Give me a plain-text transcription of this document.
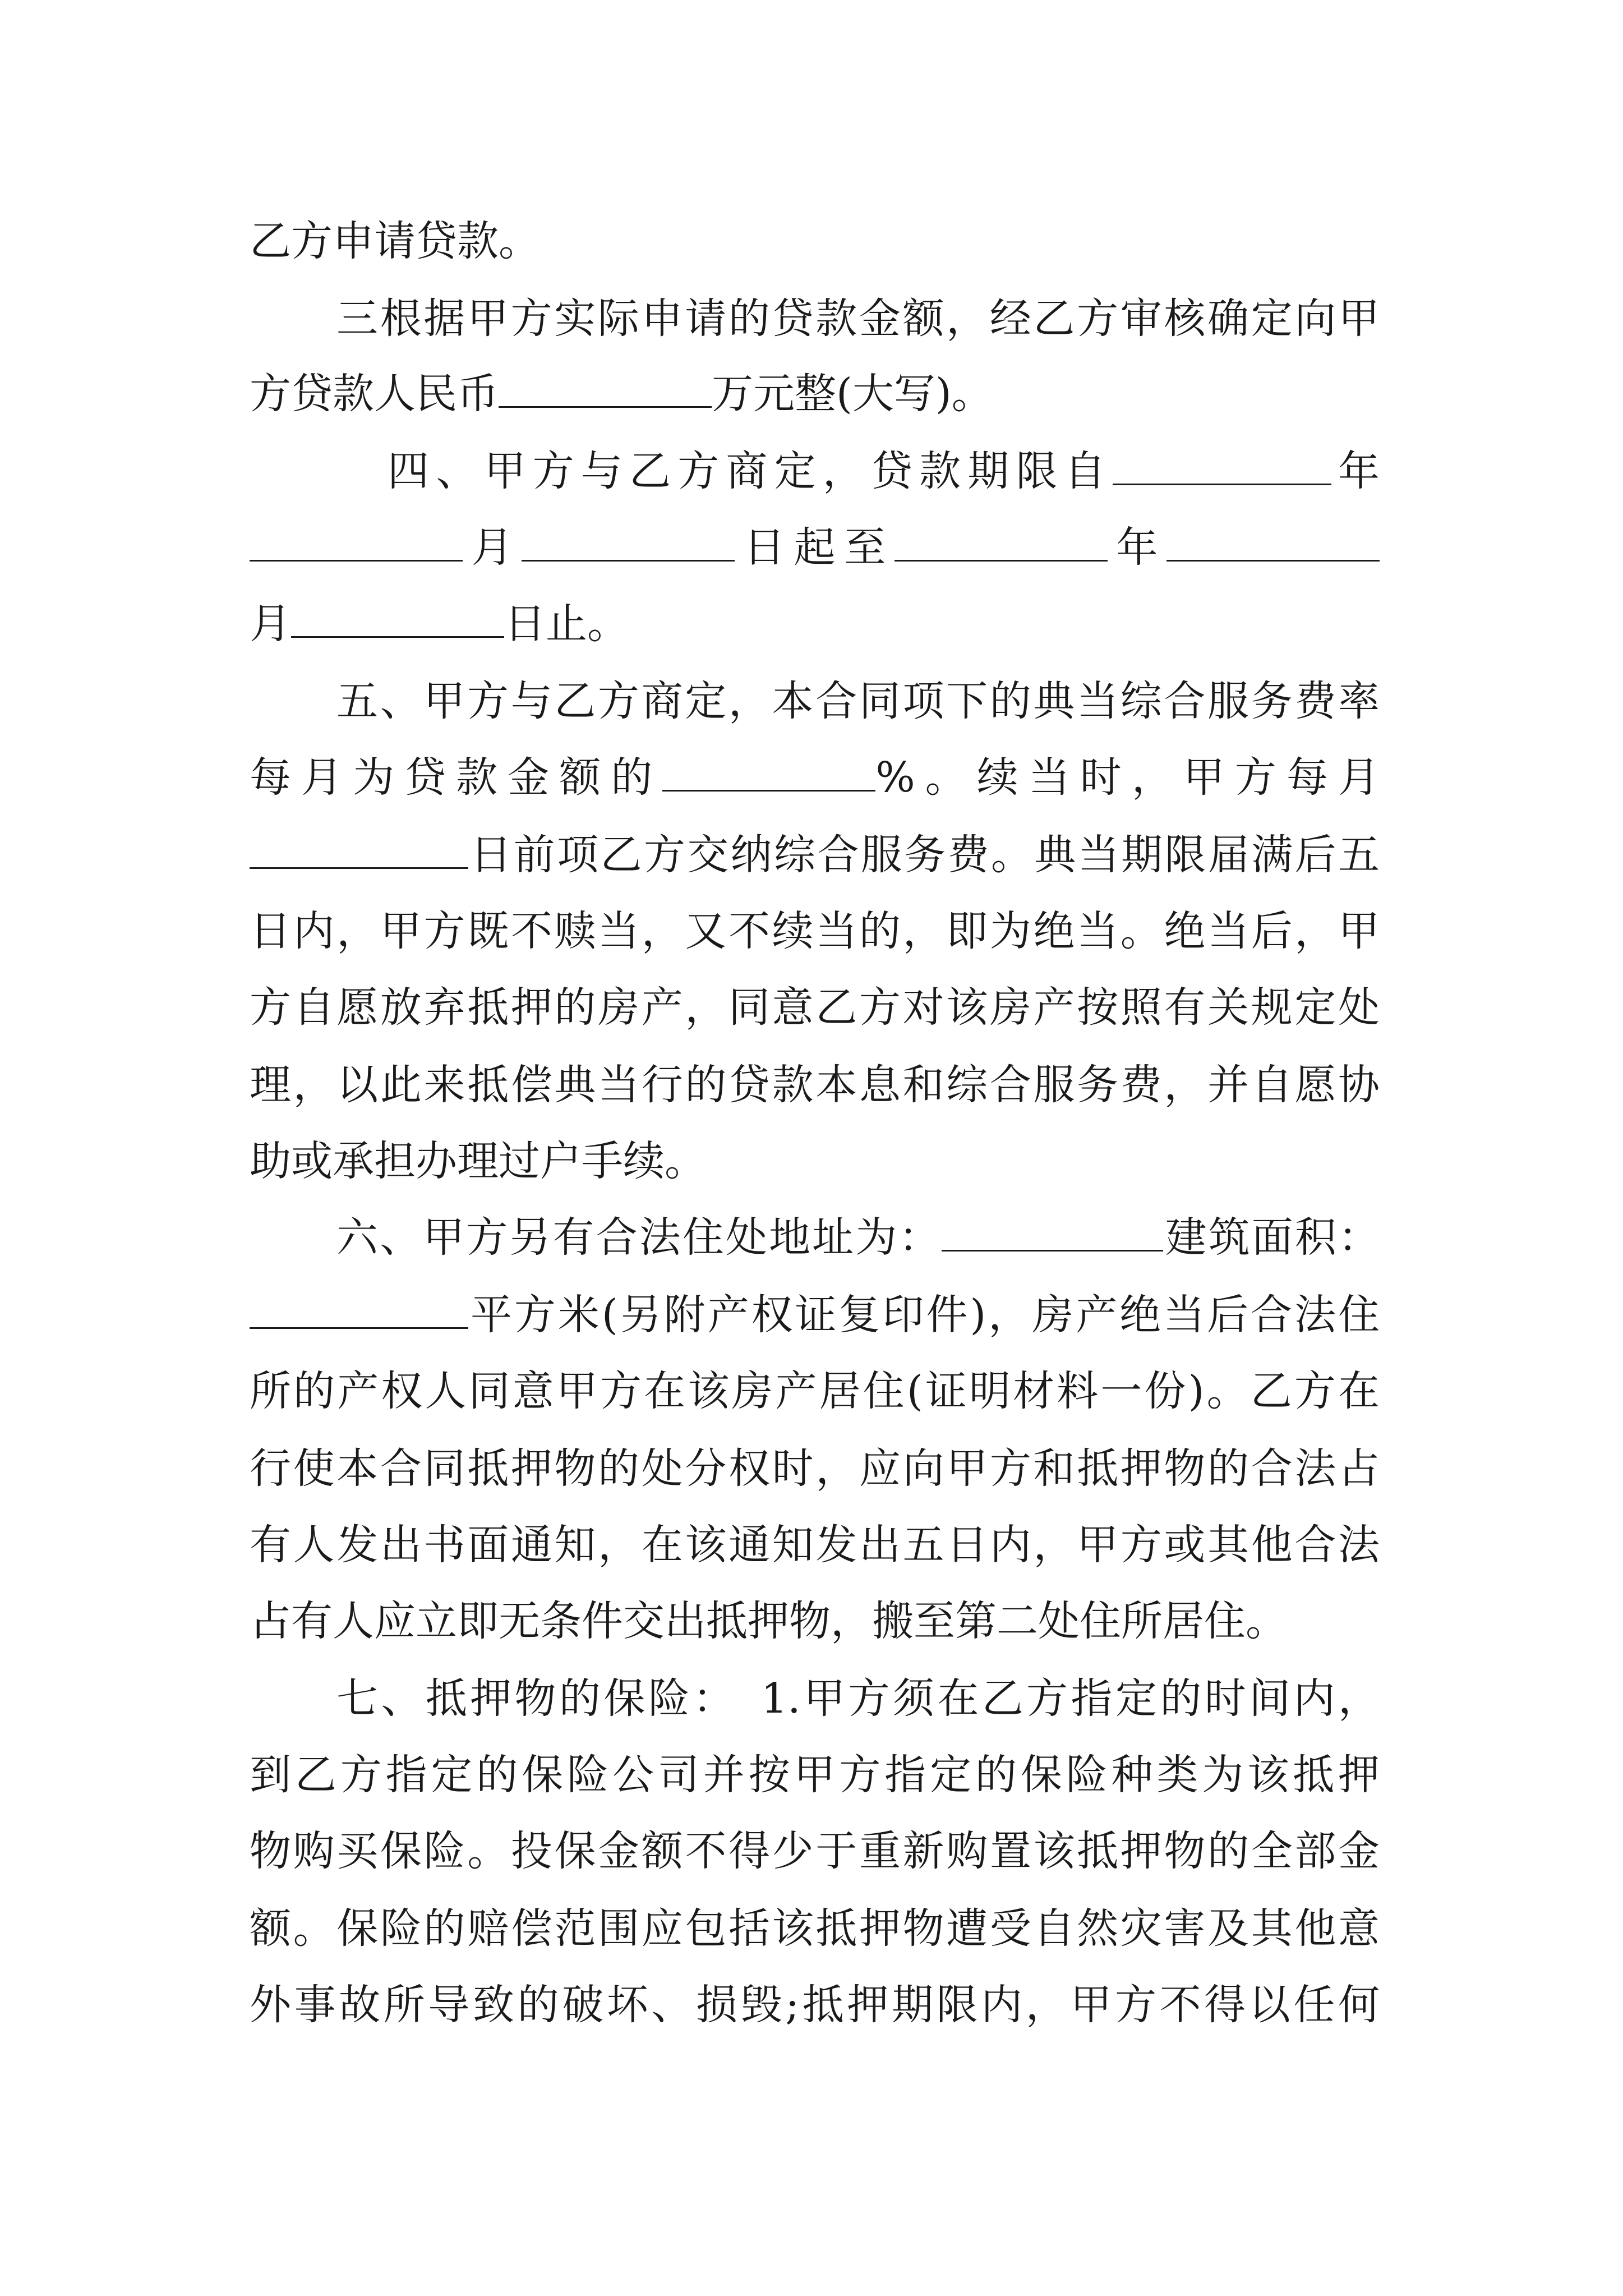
乙方申请贷款。
三根据甲方实际申请的贷款金额，经乙方审核确定向甲
方贷款人民币	万元整(大写)。
　四、甲方与乙方商定，贷款期限自	年
月	日起至	年
月	日止。
五、甲方与乙方商定，本合同项下的典当综合服务费率
每月为贷款金额的	%。续当时，甲方每月
日前项乙方交纳综合服务费。典当期限届满后五
日内，甲方既不赎当，又不续当的，即为绝当。绝当后，甲
方自愿放弃抵押的房产，同意乙方对该房产按照有关规定处
理，以此来抵偿典当行的贷款本息和综合服务费，并自愿协
助或承担办理过户手续。
六、甲方另有合法住处地址为：	建筑面积：
平方米(另附产权证复印件)，房产绝当后合法住
所的产权人同意甲方在该房产居住(证明材料一份)。乙方在
行使本合同抵押物的处分权时，应向甲方和抵押物的合法占
有人发出书面通知，在该通知发出五日内，甲方或其他合法
占有人应立即无条件交出抵押物，搬至第二处住所居住。
七、抵押物的保险：　1.甲方须在乙方指定的时间内，
到乙方指定的保险公司并按甲方指定的保险种类为该抵押
物购买保险。投保金额不得少于重新购置该抵押物的全部金
额。保险的赔偿范围应包括该抵押物遭受自然灾害及其他意
外事故所导致的破坏、损毁;抵押期限内，甲方不得以任何
